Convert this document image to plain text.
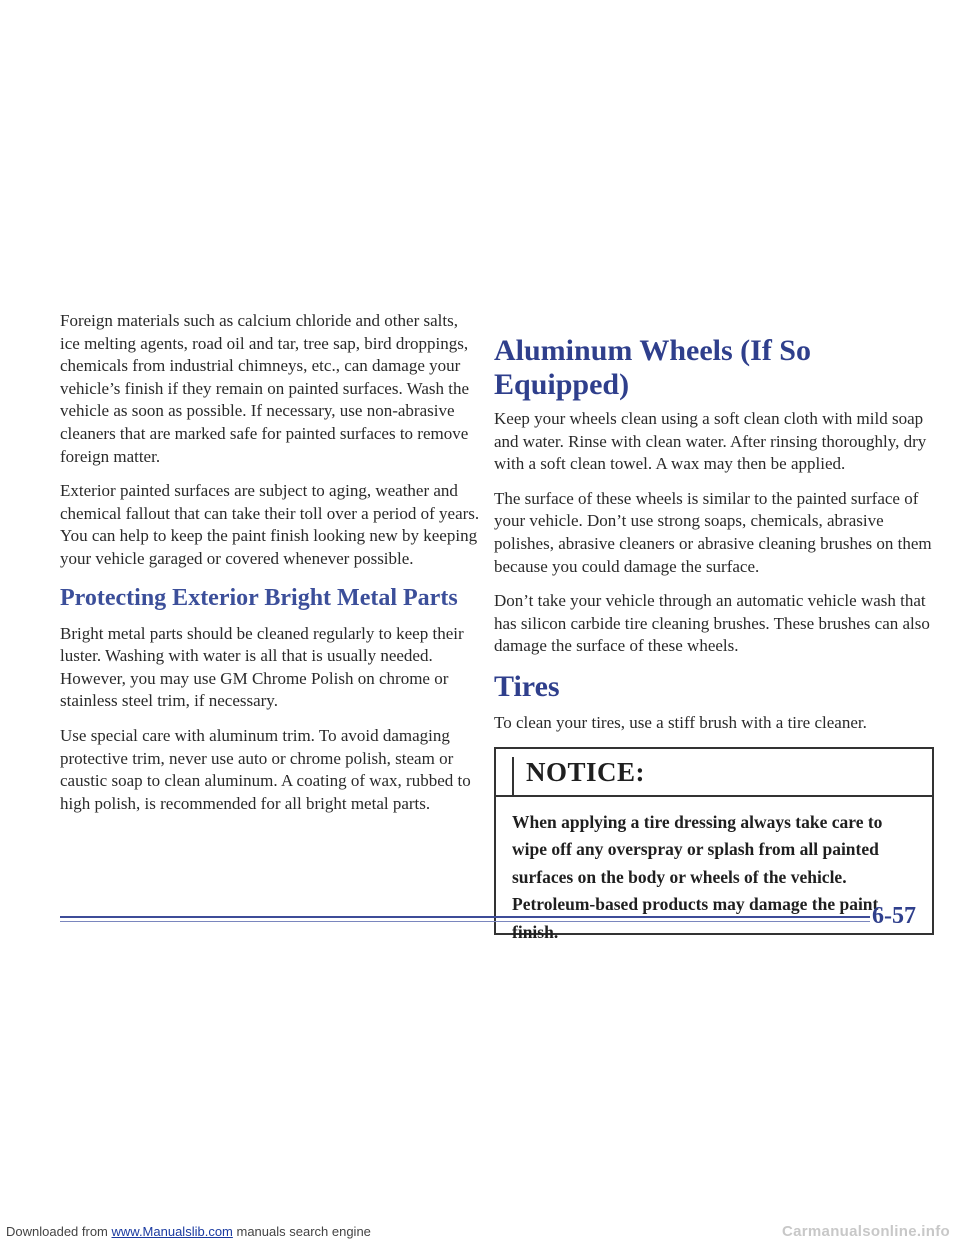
Foreign materials such as calcium chloride and other salts, ice melting agents, road oil and tar, tree sap, bird droppings, chemicals from industrial chimneys, etc., can damage your vehicle’s finish if they remain on painted surfaces. Wash the vehicle as soon as possible. If necessary, use non-abrasive cleaners that are marked safe for painted surfaces to remove foreign matter.

Exterior painted surfaces are subject to aging, weather and chemical fallout that can take their toll over a period of years. You can help to keep the paint finish looking new by keeping your vehicle garaged or covered whenever possible.

Protecting Exterior Bright Metal Parts

Bright metal parts should be cleaned regularly to keep their luster. Washing with water is all that is usually needed. However, you may use GM Chrome Polish on chrome or stainless steel trim, if necessary.

Use special care with aluminum trim. To avoid damaging protective trim, never use auto or chrome polish, steam or caustic soap to clean aluminum. A coating of wax, rubbed to high polish, is recommended for all bright metal parts.

Aluminum Wheels (If So Equipped)

Keep your wheels clean using a soft clean cloth with mild soap and water. Rinse with clean water. After rinsing thoroughly, dry with a soft clean towel. A wax may then be applied.

The surface of these wheels is similar to the painted surface of your vehicle. Don’t use strong soaps, chemicals, abrasive polishes, abrasive cleaners or abrasive cleaning brushes on them because you could damage the surface.

Don’t take your vehicle through an automatic vehicle wash that has silicon carbide tire cleaning brushes. These brushes can also damage the surface of these wheels.

Tires

To clean your tires, use a stiff brush with a tire cleaner.

NOTICE:
When applying a tire dressing always take care to wipe off any overspray or splash from all painted surfaces on the body or wheels of the vehicle. Petroleum-based products may damage the paint finish.
6-57
Downloaded from www.Manualslib.com manuals search engine	Carmanualsonline.info
